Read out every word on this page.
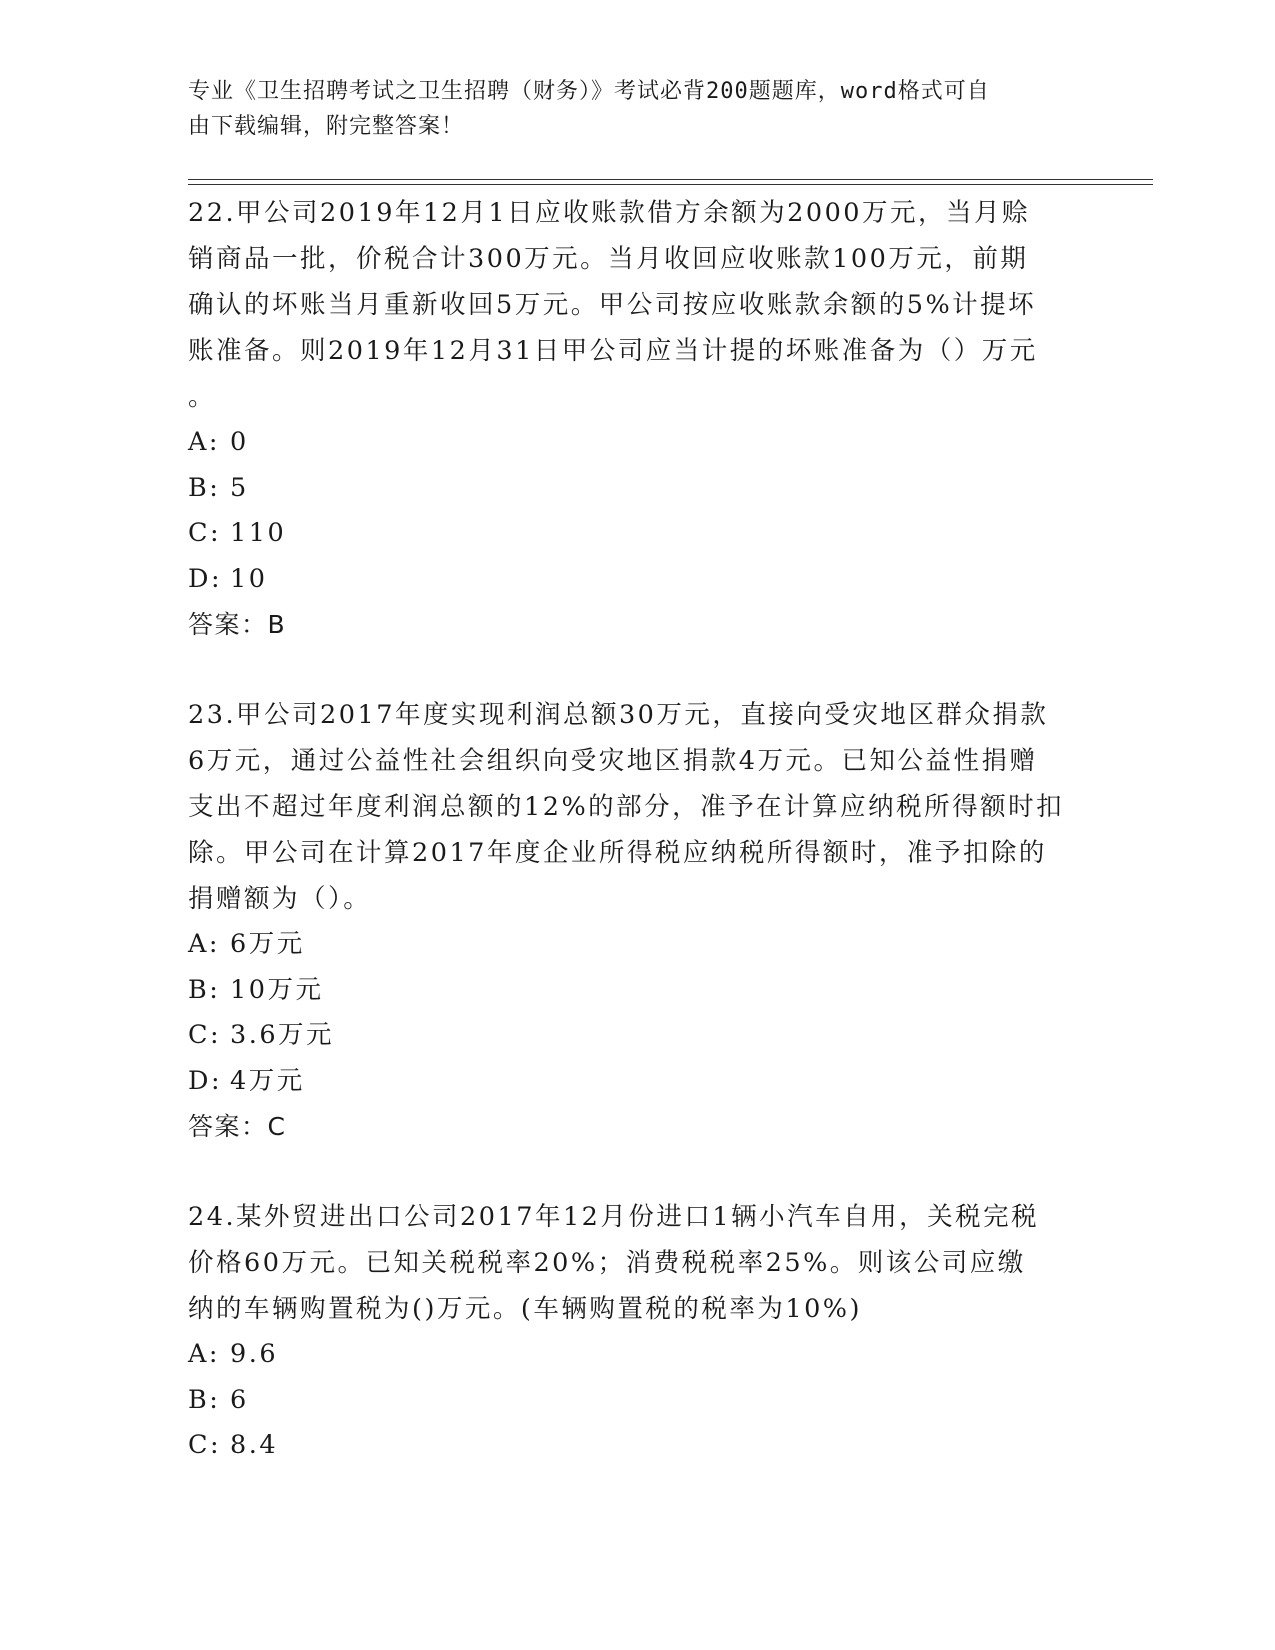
专业《卫生招聘考试之卫生招聘（财务）》考试必背200题题库，word格式可自
由下载编辑，附完整答案！
22.甲公司2019年12月1日应收账款借方余额为2000万元，当月赊
销商品一批，价税合计300万元。当月收回应收账款100万元，前期
确认的坏账当月重新收回5万元。甲公司按应收账款余额的5%计提坏
账准备。则2019年12月31日甲公司应当计提的坏账准备为（）万元
。
A: 0
B: 5
C: 110
D: 10
答案：B
23.甲公司2017年度实现利润总额30万元，直接向受灾地区群众捐款
6万元，通过公益性社会组织向受灾地区捐款4万元。已知公益性捐赠
支出不超过年度利润总额的12%的部分，准予在计算应纳税所得额时扣
除。甲公司在计算2017年度企业所得税应纳税所得额时，准予扣除的
捐赠额为（）。
A: 6万元
B: 10万元
C: 3.6万元
D: 4万元
答案：C
24.某外贸进出口公司2017年12月份进口1辆小汽车自用，关税完税
价格60万元。已知关税税率20%；消费税税率25%。则该公司应缴
纳的车辆购置税为()万元。(车辆购置税的税率为10%)
A: 9.6
B: 6
C: 8.4
